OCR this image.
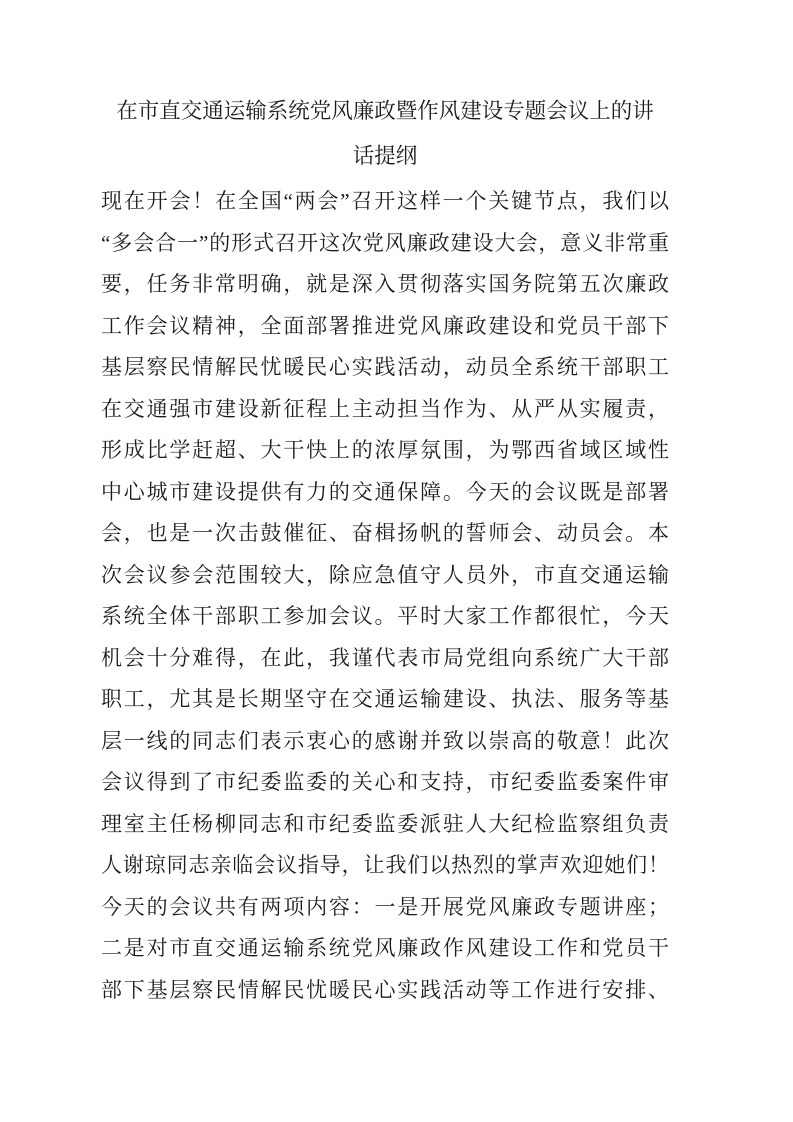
在市直交通运输系统党风廉政暨作风建设专题会议上的讲
话提纲
现在开会！在全国“两会”召开这样一个关键节点，我们以
“多会合一”的形式召开这次党风廉政建设大会，意义非常重
要，任务非常明确，就是深入贯彻落实国务院第五次廉政
工作会议精神，全面部署推进党风廉政建设和党员干部下
基层察民情解民忧暖民心实践活动，动员全系统干部职工
在交通强市建设新征程上主动担当作为、从严从实履责，
形成比学赶超、大干快上的浓厚氛围，为鄂西省域区域性
中心城市建设提供有力的交通保障。今天的会议既是部署
会，也是一次击鼓催征、奋楫扬帆的誓师会、动员会。本
次会议参会范围较大，除应急值守人员外，市直交通运输
系统全体干部职工参加会议。平时大家工作都很忙，今天
机会十分难得，在此，我谨代表市局党组向系统广大干部
职工，尤其是长期坚守在交通运输建设、执法、服务等基
层一线的同志们表示衷心的感谢并致以崇高的敬意！此次
会议得到了市纪委监委的关心和支持，市纪委监委案件审
理室主任杨柳同志和市纪委监委派驻人大纪检监察组负责
人谢琼同志亲临会议指导，让我们以热烈的掌声欢迎她们！
今天的会议共有两项内容：一是开展党风廉政专题讲座；
二是对市直交通运输系统党风廉政作风建设工作和党员干
部下基层察民情解民忧暖民心实践活动等工作进行安排、
